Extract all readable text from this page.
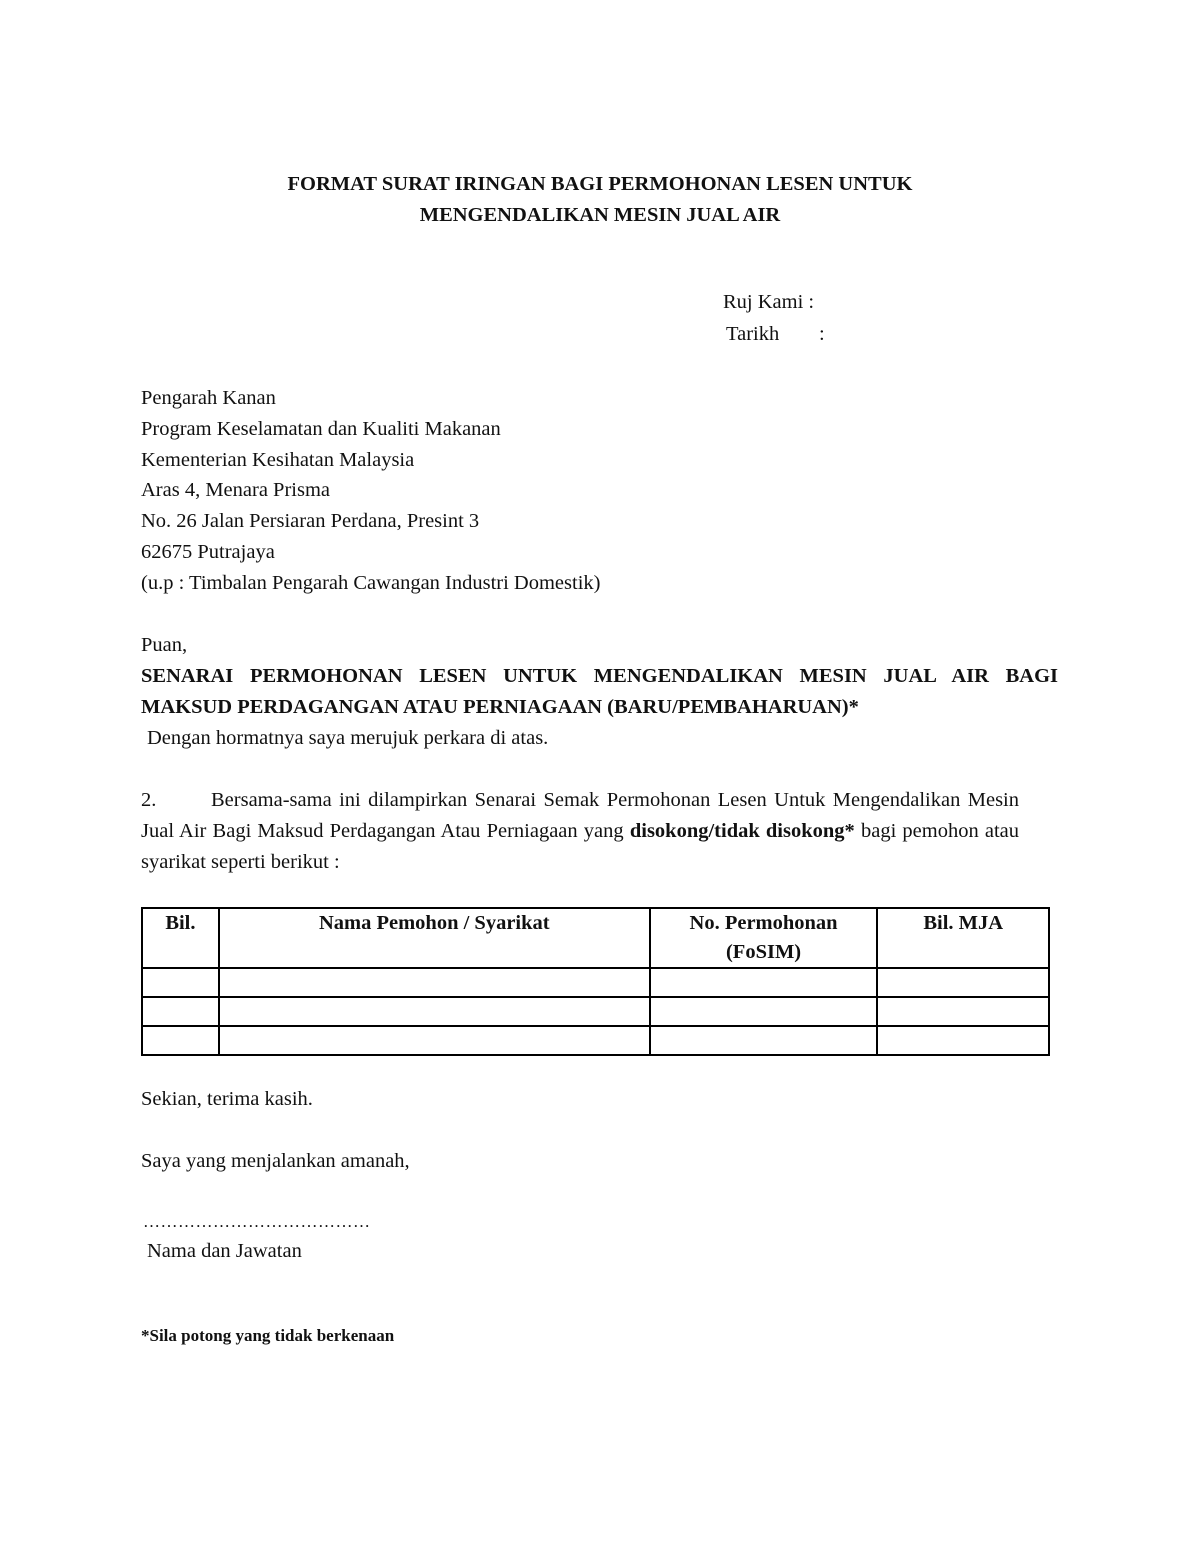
FORMAT SURAT IRINGAN BAGI PERMOHONAN LESEN UNTUK
MENGENDALIKAN MESIN JUAL AIR
Ruj Kami :
Tarikh :
Pengarah Kanan
Program Keselamatan dan Kualiti Makanan
Kementerian Kesihatan Malaysia
Aras 4, Menara Prisma
No. 26 Jalan Persiaran Perdana, Presint 3
62675 Putrajaya
(u.p : Timbalan Pengarah Cawangan Industri Domestik)
Puan,
SENARAI PERMOHONAN LESEN UNTUK MENGENDALIKAN MESIN JUAL AIR BAGI MAKSUD PERDAGANGAN ATAU PERNIAGAAN (BARU/PEMBAHARUAN)*
Dengan hormatnya saya merujuk perkara di atas.
2.	Bersama-sama ini dilampirkan Senarai Semak Permohonan Lesen Untuk Mengendalikan Mesin Jual Air Bagi Maksud Perdagangan Atau Perniagaan yang disokong/tidak disokong* bagi pemohon atau syarikat seperti berikut :
Bil.	Nama Pemohon / Syarikat	No. Permohonan (FoSIM)	Bil. MJA

Sekian, terima kasih.
Saya yang menjalankan amanah,
…………………………………
Nama dan Jawatan
*Sila potong yang tidak berkenaan
